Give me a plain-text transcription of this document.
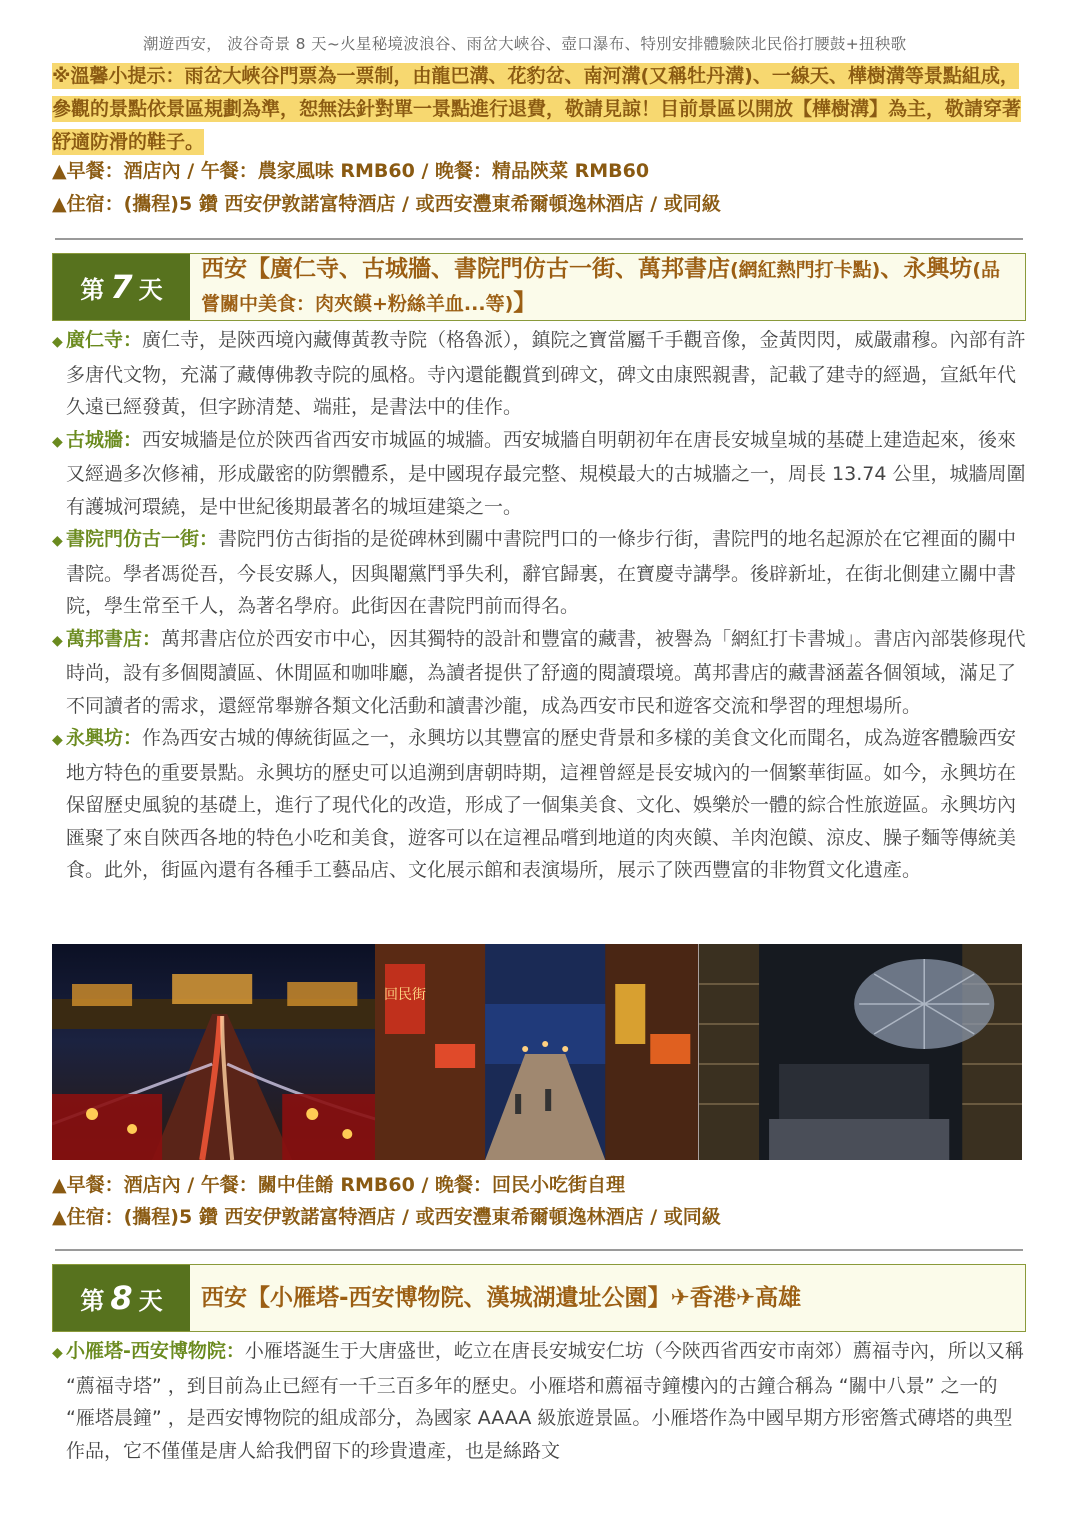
潮遊西安， 波谷奇景 8 天~火星秘境波浪谷、雨岔大峽谷、壺口瀑布、特別安排體驗陝北民俗打腰鼓+扭秧歌
※溫馨小提示：雨岔大峽谷門票為一票制，由龍巴溝、花豹岔、南河溝(又稱牡丹溝)、一線天、樺樹溝等景點組成，參觀的景點依景區規劃為準，恕無法針對單一景點進行退費，敬請見諒！目前景區以開放【樺樹溝】為主，敬請穿著舒適防滑的鞋子。
▲早餐：酒店內 / 午餐：農家風味 RMB60 / 晚餐：精品陝菜 RMB60
▲住宿：(攜程)5 鑽 西安伊敦諾富特酒店 / 或西安灃東希爾頓逸林酒店 / 或同級
第 7 天
西安【廣仁寺、古城牆、書院門仿古一街、萬邦書店(網紅熱門打卡點)、永興坊(品嘗關中美食：肉夾饃+粉絲羊血...等)】

◆ 廣仁寺：廣仁寺，是陝西境內藏傳黃教寺院（格魯派），鎮院之寶當屬千手觀音像，金黃閃閃，威嚴肅穆。內部有許多唐代文物，充滿了藏傳佛教寺院的風格。寺內還能觀賞到碑文，碑文由康熙親書，記載了建寺的經過，宣紙年代久遠已經發黃，但字跡清楚、端莊，是書法中的佳作。

◆ 古城牆：西安城牆是位於陝西省西安市城區的城牆。西安城牆自明朝初年在唐長安城皇城的基礎上建造起來，後來又經過多次修補，形成嚴密的防禦體系，是中國現存最完整、規模最大的古城牆之一，周長 13.74 公里，城牆周圍有護城河環繞，是中世紀後期最著名的城垣建築之一。

◆ 書院門仿古一街：書院門仿古街指的是從碑林到關中書院門口的一條步行街，書院門的地名起源於在它裡面的關中書院。學者馮從吾，今長安縣人，因與閹黨鬥爭失利，辭官歸裏，在寶慶寺講學。後辟新址，在街北側建立關中書院，學生常至千人，為著名學府。此街因在書院門前而得名。

◆ 萬邦書店：萬邦書店位於西安市中心，因其獨特的設計和豐富的藏書，被譽為「網紅打卡書城」。書店內部裝修現代時尚，設有多個閱讀區、休閒區和咖啡廳，為讀者提供了舒適的閱讀環境。萬邦書店的藏書涵蓋各個領域，滿足了不同讀者的需求，還經常舉辦各類文化活動和讀書沙龍，成為西安市民和遊客交流和學習的理想場所。

◆ 永興坊：作為西安古城的傳統街區之一，永興坊以其豐富的歷史背景和多樣的美食文化而聞名，成為遊客體驗西安地方特色的重要景點。永興坊的歷史可以追溯到唐朝時期，這裡曾經是長安城內的一個繁華街區。如今，永興坊在保留歷史風貌的基礎上，進行了現代化的改造，形成了一個集美食、文化、娛樂於一體的綜合性旅遊區。永興坊內匯聚了來自陝西各地的特色小吃和美食，遊客可以在這裡品嚐到地道的肉夾饃、羊肉泡饃、涼皮、臊子麵等傳統美食。此外，街區內還有各種手工藝品店、文化展示館和表演場所，展示了陝西豐富的非物質文化遺產。

回民街
▲早餐：酒店內 / 午餐：關中佳餚 RMB60 / 晚餐：回民小吃街自理
▲住宿：(攜程)5 鑽 西安伊敦諾富特酒店 / 或西安灃東希爾頓逸林酒店 / 或同級
第 8 天 西安【小雁塔-西安博物院、漢城湖遺址公園】✈香港✈高雄

◆ 小雁塔-西安博物院：小雁塔誕生于大唐盛世，屹立在唐長安城安仁坊（今陝西省西安市南郊）薦福寺內，所以又稱 “薦福寺塔” ，到目前為止已經有一千三百多年的歷史。小雁塔和薦福寺鐘樓內的古鐘合稱為 “關中八景” 之一的 “雁塔晨鐘” ，是西安博物院的組成部分，為國家 AAAA 級旅遊景區。小雁塔作為中國早期方形密簷式磚塔的典型作品，它不僅僅是唐人給我們留下的珍貴遺產，也是絲路文
